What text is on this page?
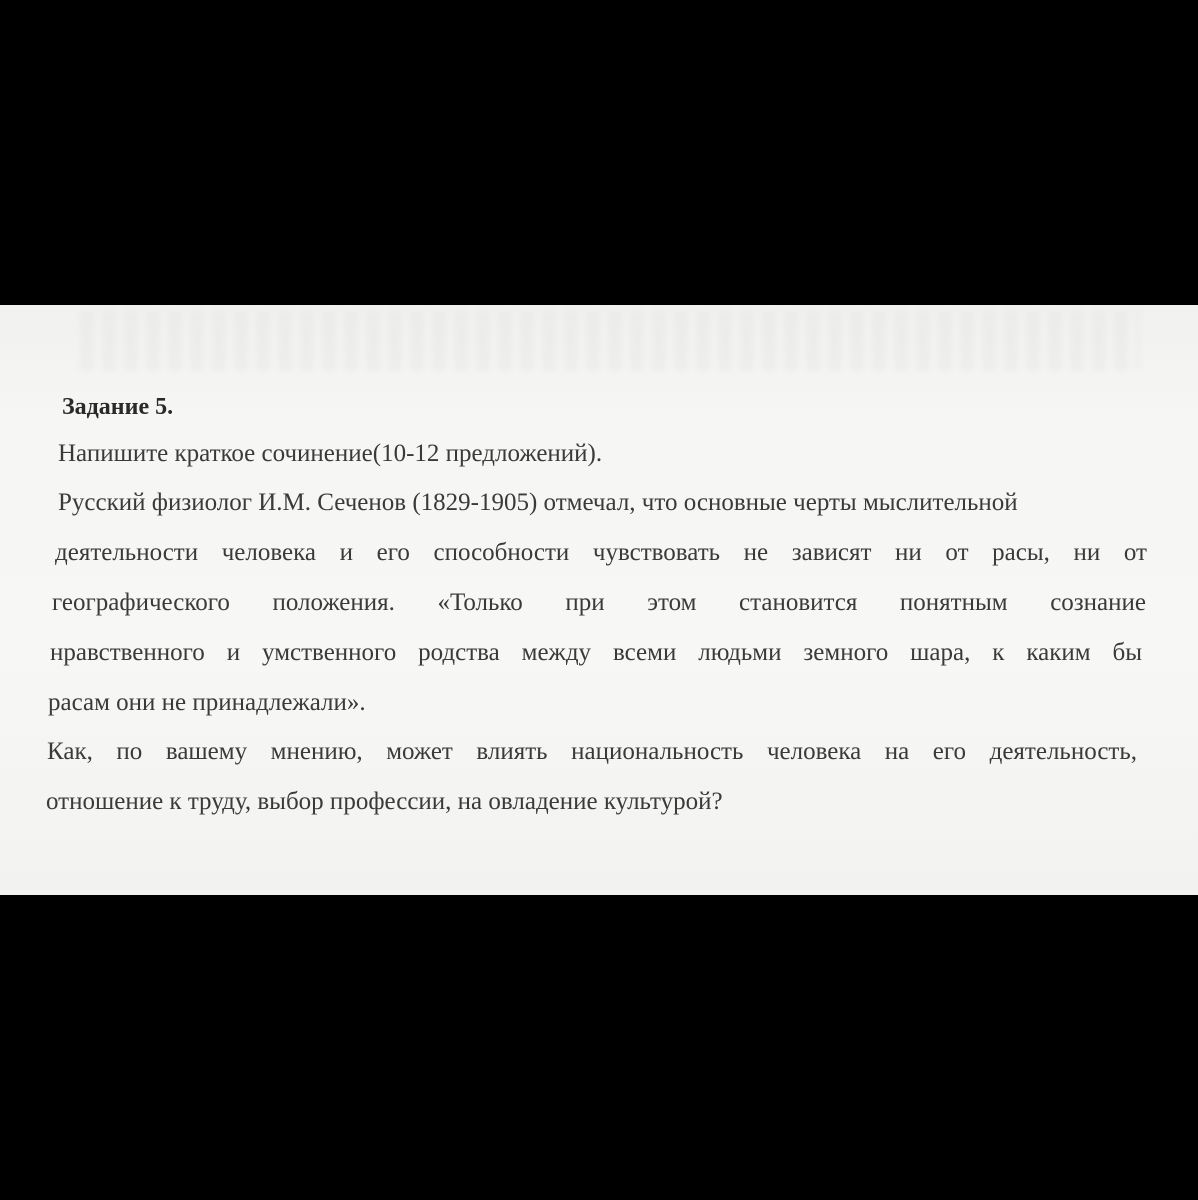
Задание 5.
Напишите краткое сочинение(10-12 предложений).
Русский физиолог И.М. Сеченов (1829-1905) отмечал, что основные черты мыслительной
деятельности человека и его способности чувствовать не зависят ни от расы, ни от
географического положения. «Только при этом становится понятным сознание
нравственного и умственного родства между всеми людьми земного шара, к каким бы
расам они не принадлежали».
Как, по вашему мнению, может влиять национальность человека на его деятельность,
отношение к труду, выбор профессии, на овладение культурой?
